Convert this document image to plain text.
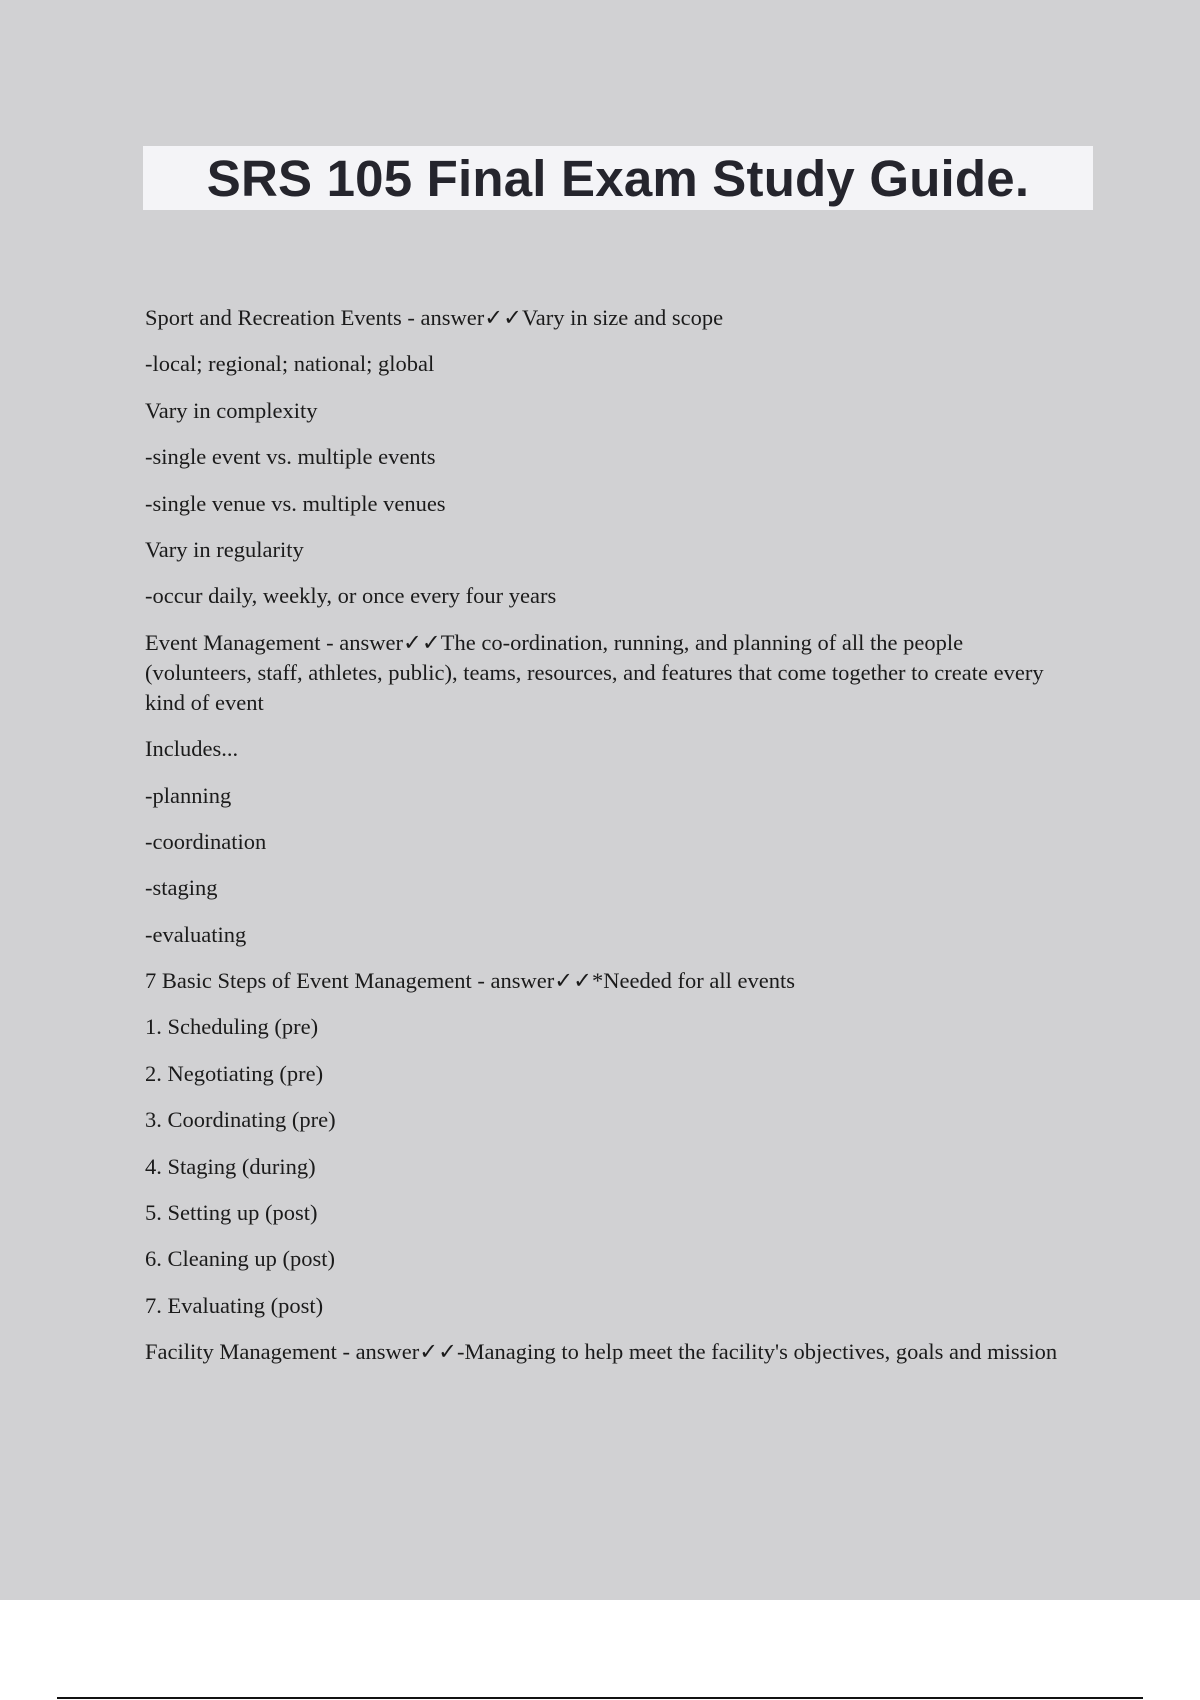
SRS 105 Final Exam Study Guide.

Sport and Recreation Events - answer✓✓Vary in size and scope

-local; regional; national; global

Vary in complexity

-single event vs. multiple events

-single venue vs. multiple venues

Vary in regularity

-occur daily, weekly, or once every four years

Event Management - answer✓✓The co-ordination, running, and planning of all the people (volunteers, staff, athletes, public), teams, resources, and features that come together to create every kind of event

Includes...

-planning

-coordination

-staging

-evaluating

7 Basic Steps of Event Management - answer✓✓*Needed for all events

1. Scheduling (pre)

2. Negotiating (pre)

3. Coordinating (pre)

4. Staging (during)

5. Setting up (post)

6. Cleaning up (post)

7. Evaluating (post)

Facility Management - answer✓✓-Managing to help meet the facility's objectives, goals and mission
